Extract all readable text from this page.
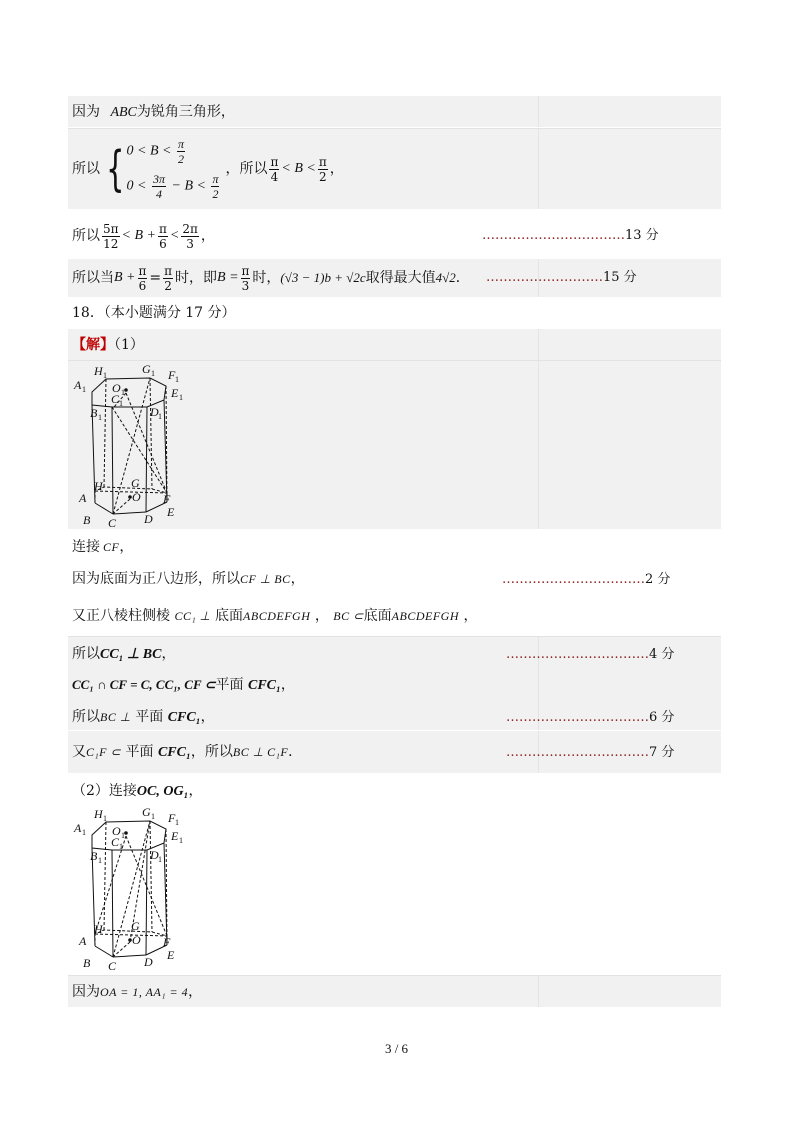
因为 ABC为锐角三角形，
所以 { $0 < B < \frac{\pi}{2}$
$0 < \frac{3\pi}{4} - B < \frac{\pi}{2}$
，所以 $\frac{\pi}{4} < B < \frac{\pi}{2}$ ，
所以 $\frac{5\pi}{12} < B + \frac{\pi}{6} < \frac{2\pi}{3}$ ，	……………………………13 分
所以当 $B + \frac{\pi}{6} = \frac{\pi}{2}$ 时，即 $B = \frac{\pi}{3}$ 时， (√3 − 1)b + √2c 取得最大值 4√2 ． ………………………15 分
18．（本小题满分 17 分）
【解】（1）
A 1
H 1	G 1 F 1
E 1
O 1
C 1
B 1	D 1
A
H G
F
O
B C D E
连接 CF，
因为底面为正八边形，所以CF ⊥ BC，	……………………………2 分
又正八棱柱侧棱 CC₁ ⊥ 底面ABCDEFGH ， BC ⊂底面ABCDEFGH ，
所以CC₁ ⊥ BC，	……………………………4 分
CC₁ ∩ CF = C, CC₁, CF ⊂平面 CFC₁，
所以BC ⊥ 平面 CFC₁，	……………………………6 分
又C₁F ⊂ 平面 CFC₁，所以BC ⊥ C₁F．	……………………………7 分
（2）连接OC, OG₁，
A 1
H 1	G 1 F 1
E 1
O 1
C 1
B 1	D 1
A
H G
F
O
B C D E
因为OA = 1, AA₁ = 4，
3 / 6
